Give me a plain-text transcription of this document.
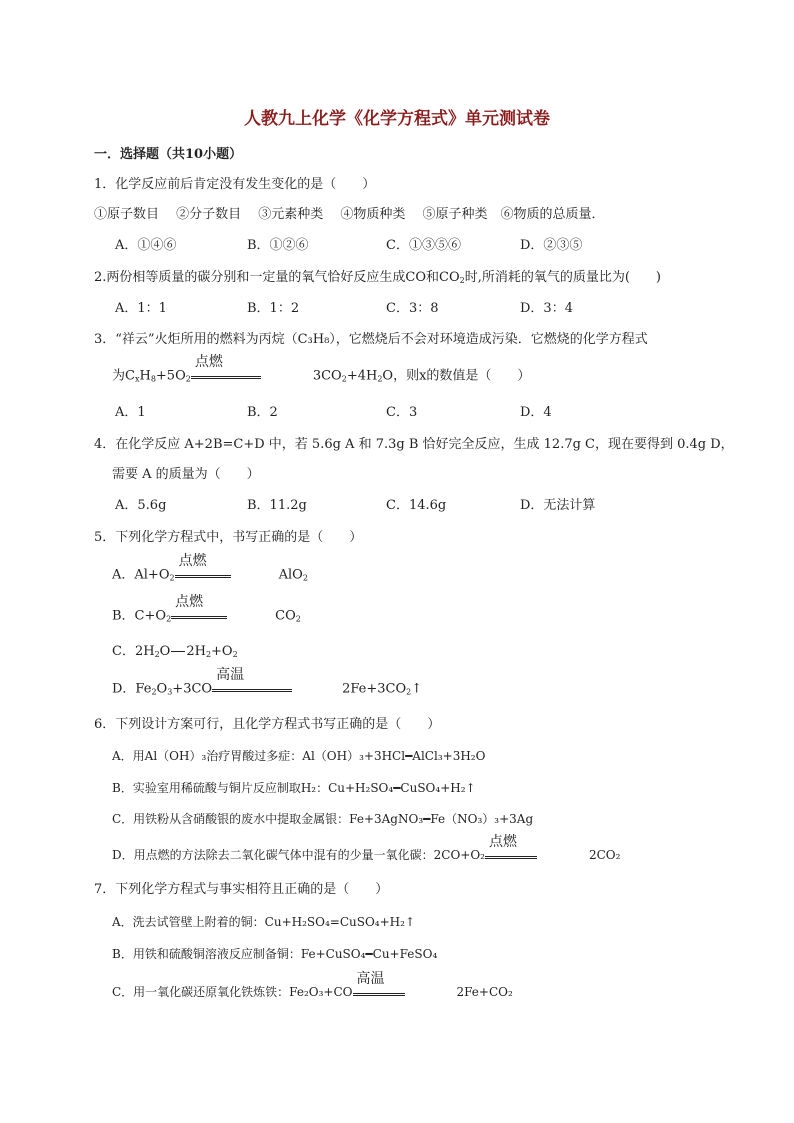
人教九上化学《化学方程式》单元测试卷
一．选择题（共10小题）
1．化学反应前后肯定没有发生变化的是（　　）
①原子数目　 ②分子数目　 ③元素种类　 ④物质种类　 ⑤原子种类　⑥物质的总质量．
A．①④⑥	B．①②⑥	C．①③⑤⑥	D．②③⑤
2.两份相等质量的碳分别和一定量的氧气恰好反应生成CO和$CO_2$时,所消耗的氧气的质量比为(　　)
A．1：1	B．1：2	C．3：8	D．3：4
3．“祥云”火炬所用的燃料为丙烷（C₃H₈），它燃烧后不会对环境造成污染．它燃烧的化学方程式
为$C_xH_8+5O_2$
点燃
$3CO_2+4H_2O$，则x的数值是（　　）
A．1	B．2	C．3	D．4
4．在化学反应 A+2B=C+D 中，若 5.6g A 和 7.3g B 恰好完全反应，生成 12.7g C，现在要得到 0.4g D，
需要 A 的质量为（　　）
A．5.6g	B．11.2g	C．14.6g	D．无法计算
5．下列化学方程式中，书写正确的是（　　）
A．$Al+O_2$
点燃
AlO$_2$
B．$C+O_2$
点燃
$CO_2$
C．$2H_2O$ $2H_2+O_2$
D．$Fe_2O_3+3CO$
高温
$2Fe+3CO_2↑$
6．下列设计方案可行，且化学方程式书写正确的是（　　）
A．用Al（OH）₃治疗胃酸过多症：Al（OH）₃+3HCl━AlCl₃+3H₂O
B．实验室用稀硫酸与铜片反应制取H₂：Cu+H₂SO₄━CuSO₄+H₂↑
C．用铁粉从含硝酸银的废水中提取金属银：Fe+3AgNO₃━Fe（NO₃）₃+3Ag
D．用点燃的方法除去二氧化碳气体中混有的少量一氧化碳：2CO+O₂
点燃
2CO₂
7．下列化学方程式与事实相符且正确的是（　　）
A．洗去试管壁上附着的铜：Cu+H₂SO₄=CuSO₄+H₂↑
B．用铁和硫酸铜溶液反应制备铜：Fe+CuSO₄━Cu+FeSO₄
C．用一氧化碳还原氧化铁炼铁：Fe₂O₃+CO
高温
2Fe+CO₂
